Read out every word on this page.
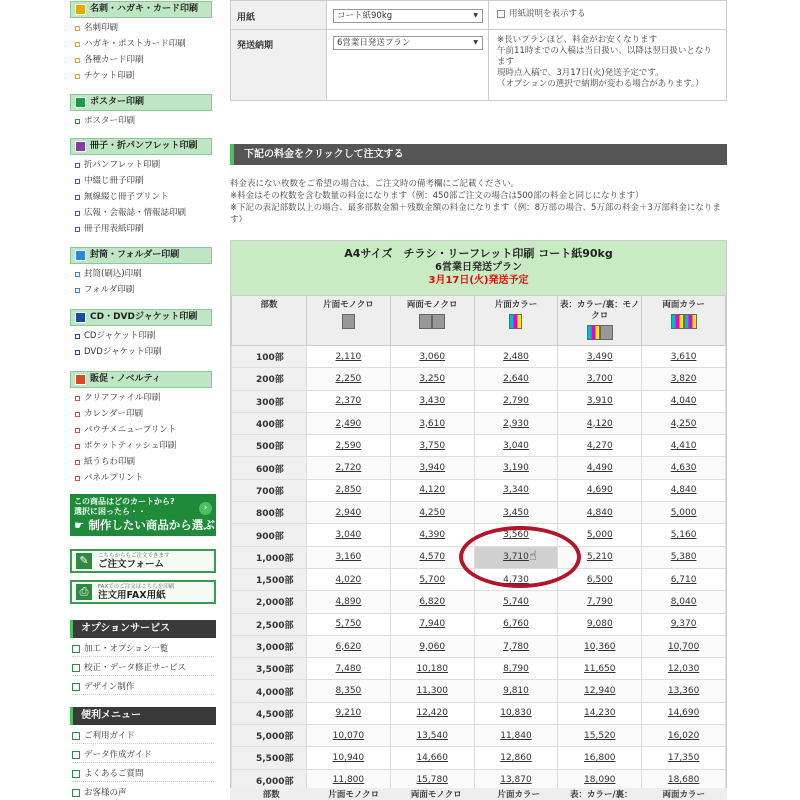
名刺・ハガキ・カード印刷
名刺印刷
ハガキ・ポストカード印刷
各種カード印刷
チケット印刷
ポスター印刷
ポスター印刷
冊子・折パンフレット印刷
折パンフレット印刷
中綴じ冊子印刷
無線綴じ冊子プリント
広報・会報誌・情報誌印刷
冊子用表紙印刷
封筒・フォルダー印刷
封筒(刷込)印刷
フォルダ印刷
CD・DVDジャケット印刷
CDジャケット印刷
DVDジャケット印刷
販促・ノベルティ
クリアファイル印刷
カレンダー印刷
パウチメニュープリント
ポケットティッシュ印刷
紙うちわ印刷
パネルプリント
この商品はどのカートから?
選択に困ったら・・
☛ 制作したい商品から選ぶ
›
✎	こちらからもご注文できます
ご注文フォーム
⎙	FAXでのご注文はこちらを印刷
注文用FAX用紙
オプションサービス
加工・オプション一覧
校正・データ修正サービス
デザイン制作
便利メニュー
ご利用ガイド
データ作成ガイド
よくあるご質問
お客様の声
用紙	コート紙90kg ▼	用紙説明を表示する
発送納期	6営業日発送プラン ▼	※長いプランほど、料金がお安くなります
午前11時までの入稿は当日扱い、以降は翌日扱いとなります
現時点入稿で、3月17日(火)発送予定です。
（オプションの選択で納期が変わる場合があります。）
下記の料金をクリックして注文する
料金表にない枚数をご希望の場合は、ご注文時の備考欄にご記載ください。
※料金はその枚数を含む数量の料金になります（例：450部ご注文の場合は500部の料金と同じになります）
※下記の表記部数以上の場合、最多部数金額＋残数金額の料金になります（例：8万部の場合、5万部の料金＋3万部料金になります）
A4サイズ　チラシ・リーフレット印刷 コート紙90kg
6営業日発送プラン
3月17日(火)発送予定
部数	片面モノクロ	両面モノクロ	片面カラー	表：カラー/裏：モノクロ	両面カラー

100部	2,110	3,060	2,480	3,490	3,610
200部	2,250	3,250	2,640	3,700	3,820
300部	2,370	3,430	2,790	3,910	4,040
400部	2,490	3,610	2,930	4,120	4,250
500部	2,590	3,750	3,040	4,270	4,410
600部	2,720	3,940	3,190	4,490	4,630
700部	2,850	4,120	3,340	4,690	4,840
800部	2,940	4,250	3,450	4,840	5,000
900部	3,040	4,390	3,560	5,000	5,160
1,000部	3,160	4,570	3,710	5,210	5,380
1,500部	4,020	5,700	4,730	6,500	6,710
2,000部	4,890	6,820	5,740	7,790	8,040
2,500部	5,750	7,940	6,760	9,080	9,370
3,000部	6,620	9,060	7,780	10,360	10,700
3,500部	7,480	10,180	8,790	11,650	12,030
4,000部	8,350	11,300	9,810	12,940	13,360
4,500部	9,210	12,420	10,830	14,230	14,690
5,000部	10,070	13,540	11,840	15,520	16,020
5,500部	10,940	14,660	12,860	16,800	17,350
6,000部	11,800	15,780	13,870	18,090	18,680
☝
部数	片面モノクロ	両面モノクロ	片面カラー	表：カラー/裏：	両面カラー
